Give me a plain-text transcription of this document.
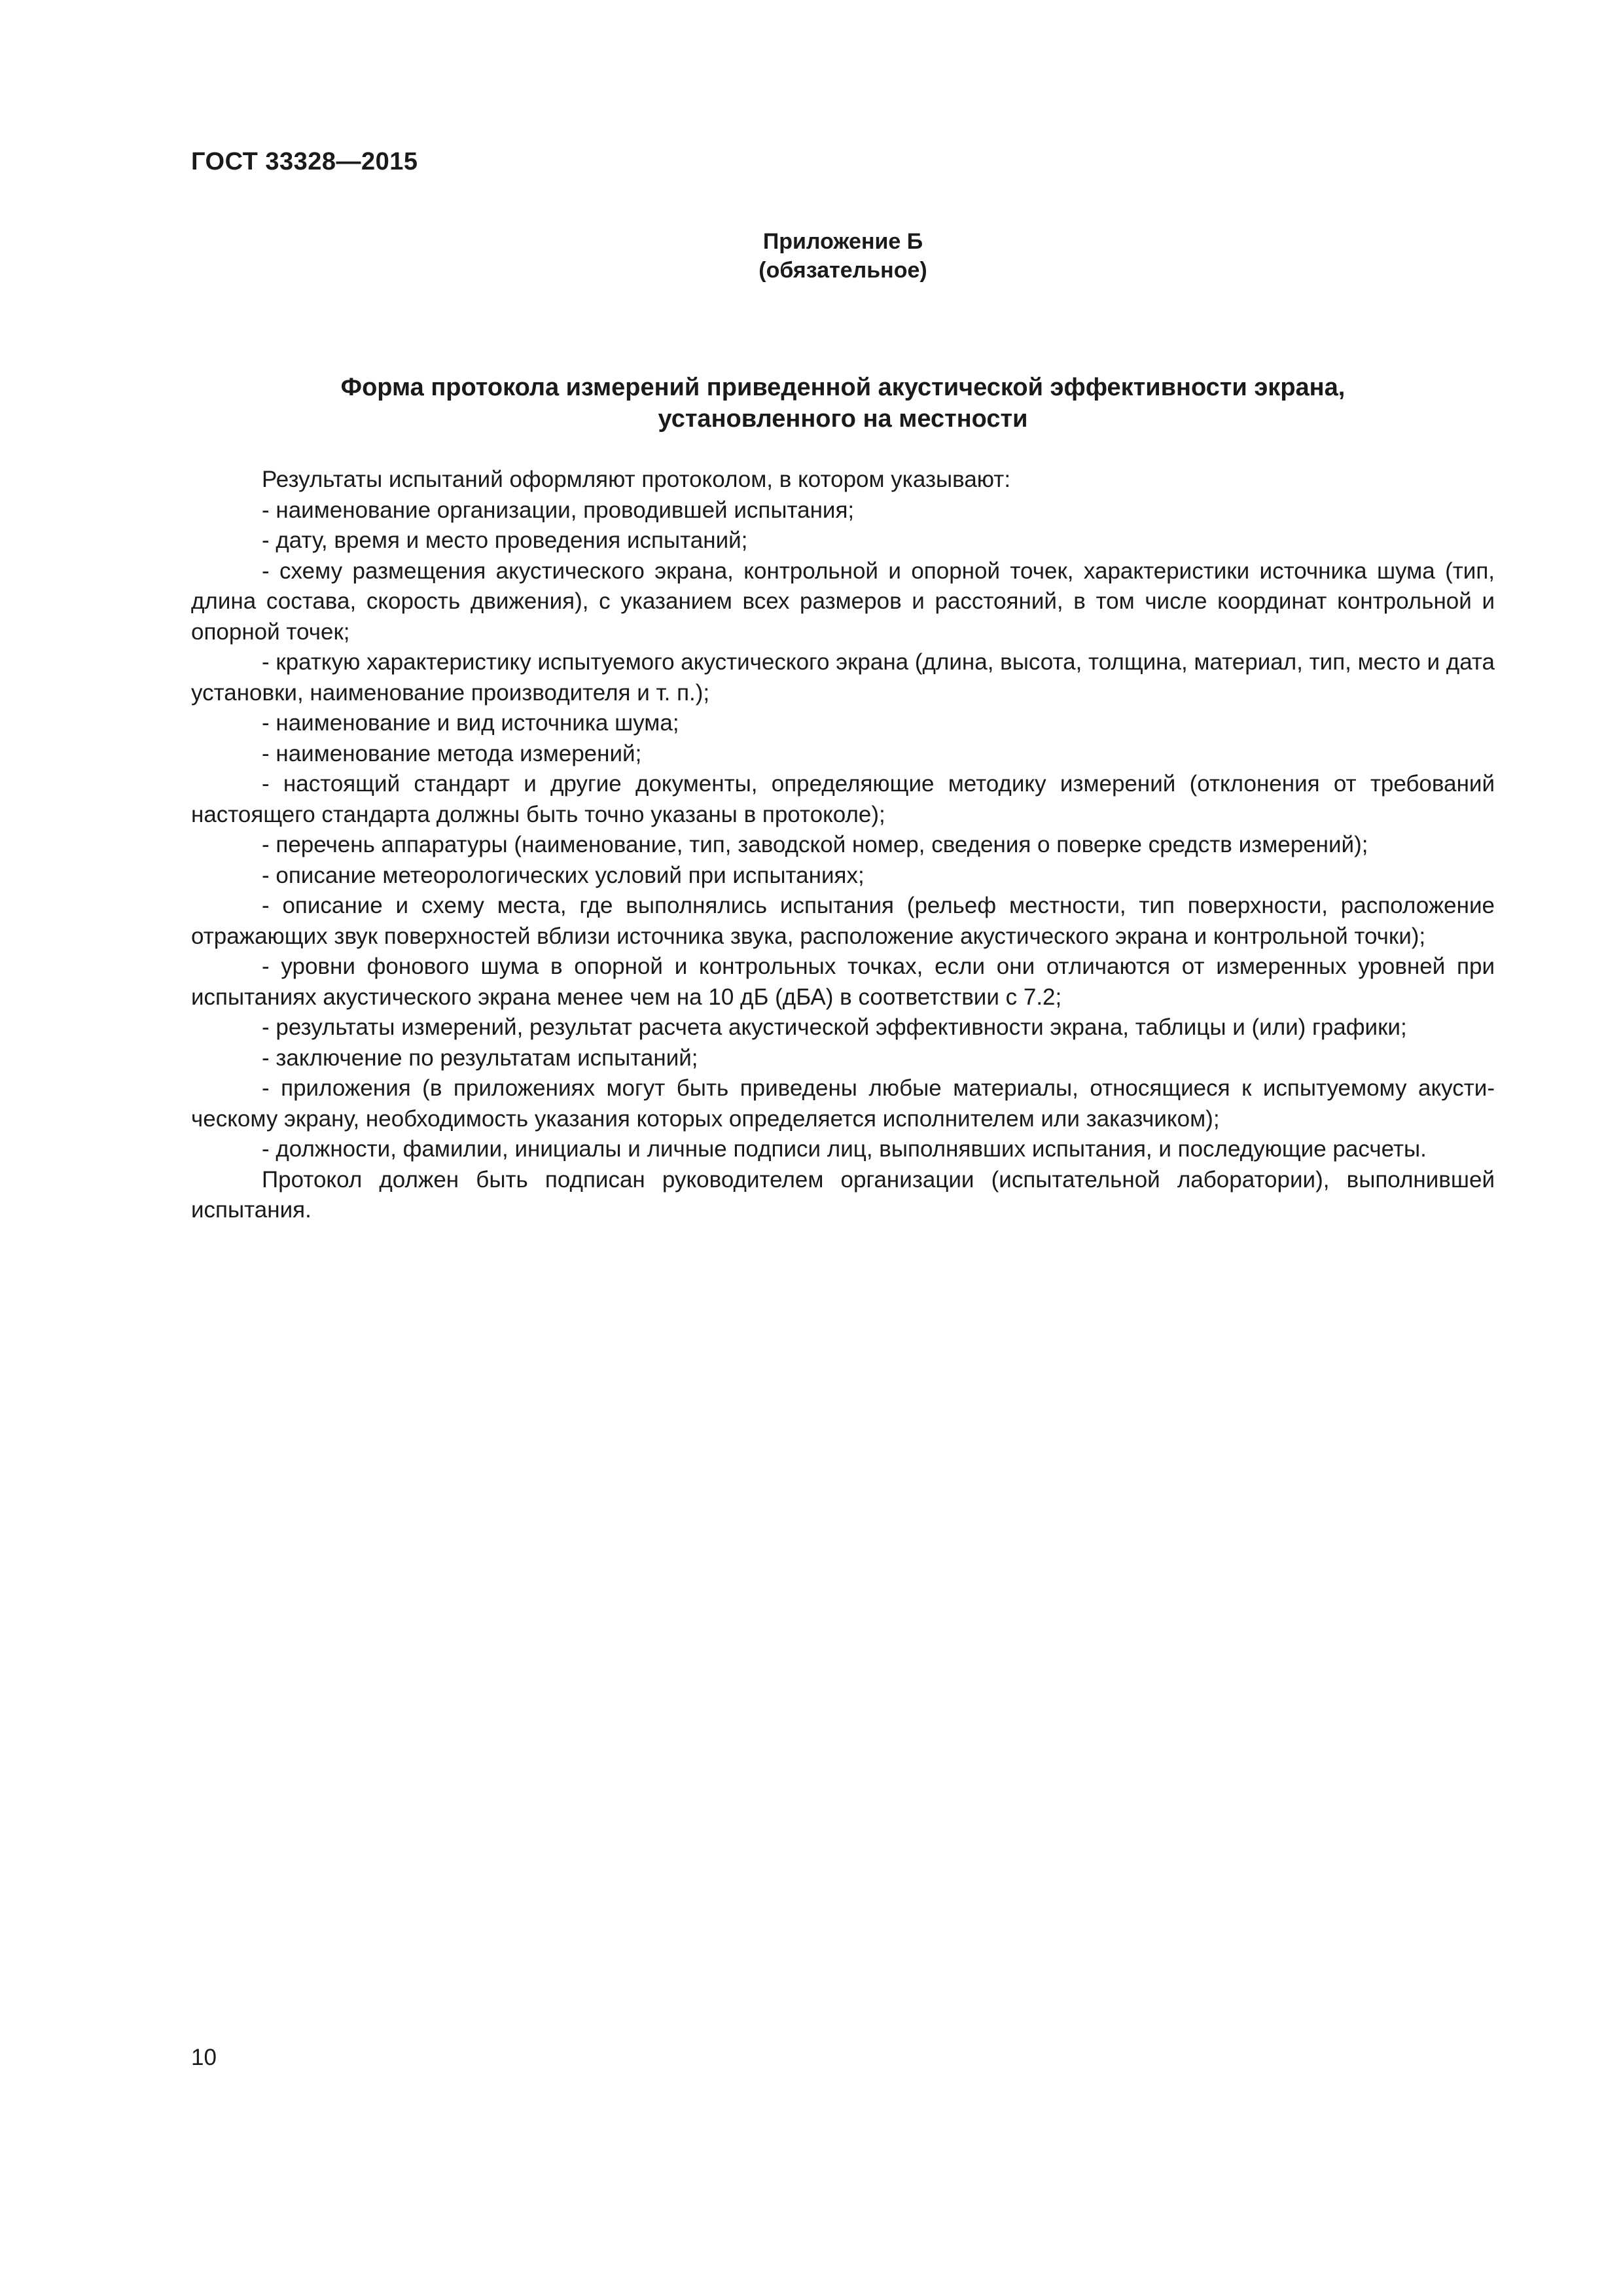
ГОСТ 33328—2015
Приложение Б
(обязательное)
Форма протокола измерений приведенной акустической эффективности экрана,
установленного на местности

Результаты испытаний оформляют протоколом, в котором указывают:

- наименование организации, проводившей испытания;

- дату, время и место проведения испытаний;

- схему размещения акустического экрана, контрольной и опорной точек, характеристики источника шума (тип, длина состава, скорость движения), с указанием всех размеров и расстояний, в том числе координат контрольной и опорной точек;

- краткую характеристику испытуемого акустического экрана (длина, высота, толщина, материал, тип, место и дата установки, наименование производителя и т. п.);

- наименование и вид источника шума;

- наименование метода измерений;

- настоящий стандарт и другие документы, определяющие методику измерений (отклонения от требований настоящего стандарта должны быть точно указаны в протоколе);

- перечень аппаратуры (наименование, тип, заводской номер, сведения о поверке средств измерений);

- описание метеорологических условий при испытаниях;

- описание и схему места, где выполнялись испытания (рельеф местности, тип поверхности, расположение отражающих звук поверхностей вблизи источника звука, расположение акустического экрана и контрольной точки);

- уровни фонового шума в опорной и контрольных точках, если они отличаются от измеренных уровней при испытаниях акустического экрана менее чем на 10 дБ (дБА) в соответствии с 7.2;

- результаты измерений, результат расчета акустической эффективности экрана, таблицы и (или) графики;

- заключение по результатам испытаний;

- приложения (в приложениях могут быть приведены любые материалы, относящиеся к испытуемому акустическому экрану, необходимость указания которых определяется исполнителем или заказчиком);

- должности, фамилии, инициалы и личные подписи лиц, выполнявших испытания, и последующие расчеты.

Протокол должен быть подписан руководителем организации (испытательной лаборатории), выполнившей испытания.

10
